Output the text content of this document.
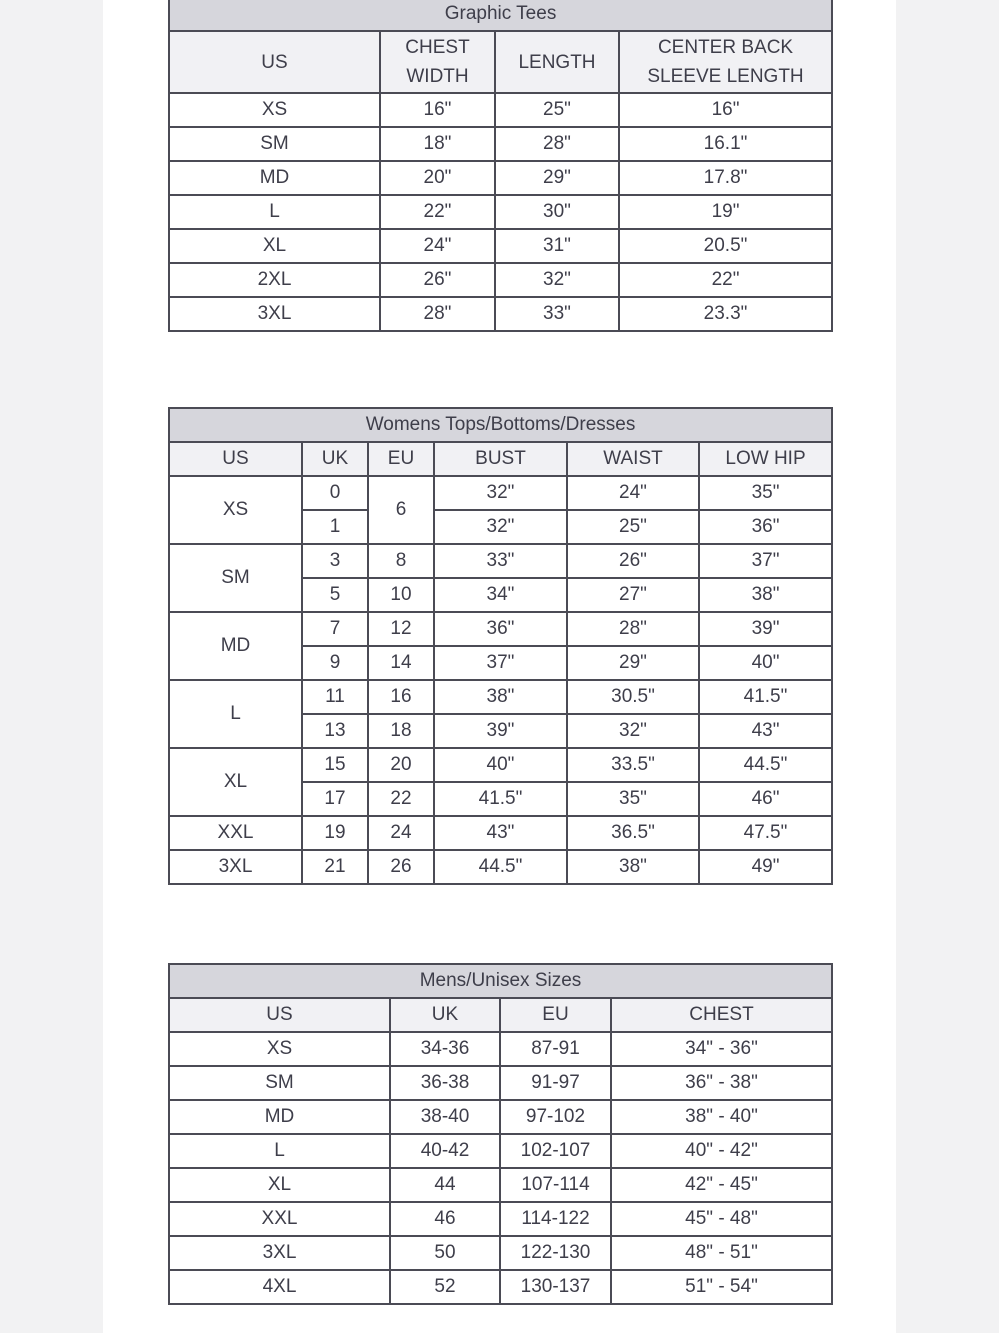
Graphic Tees			
US	CHEST WIDTH	LENGTH	CENTER BACK SLEEVE LENGTH
XS	16"	25"	16"
SM	18"	28"	16.1"
MD	20"	29"	17.8"
L	22"	30"	19"
XL	24"	31"	20.5"
2XL	26"	32"	22"
3XL	28"	33"	23.3"
Womens Tops/Bottoms/Dresses					
US	UK	EU	BUST	WAIST	LOW HIP
XS	0	6	32"	24"	35"
	1		32"	25"	36"
SM	3	8	33"	26"	37"
	5	10	34"	27"	38"
MD	7	12	36"	28"	39"
	9	14	37"	29"	40"
L	11	16	38"	30.5"	41.5"
	13	18	39"	32"	43"
XL	15	20	40"	33.5"	44.5"
	17	22	41.5"	35"	46"
XXL	19	24	43"	36.5"	47.5"
3XL	21	26	44.5"	38"	49"
Mens/Unisex Sizes			
US	UK	EU	CHEST
XS	34-36	87-91	34" - 36"
SM	36-38	91-97	36" - 38"
MD	38-40	97-102	38" - 40"
L	40-42	102-107	40" - 42"
XL	44	107-114	42" - 45"
XXL	46	114-122	45" - 48"
3XL	50	122-130	48" - 51"
4XL	52	130-137	51" - 54"
